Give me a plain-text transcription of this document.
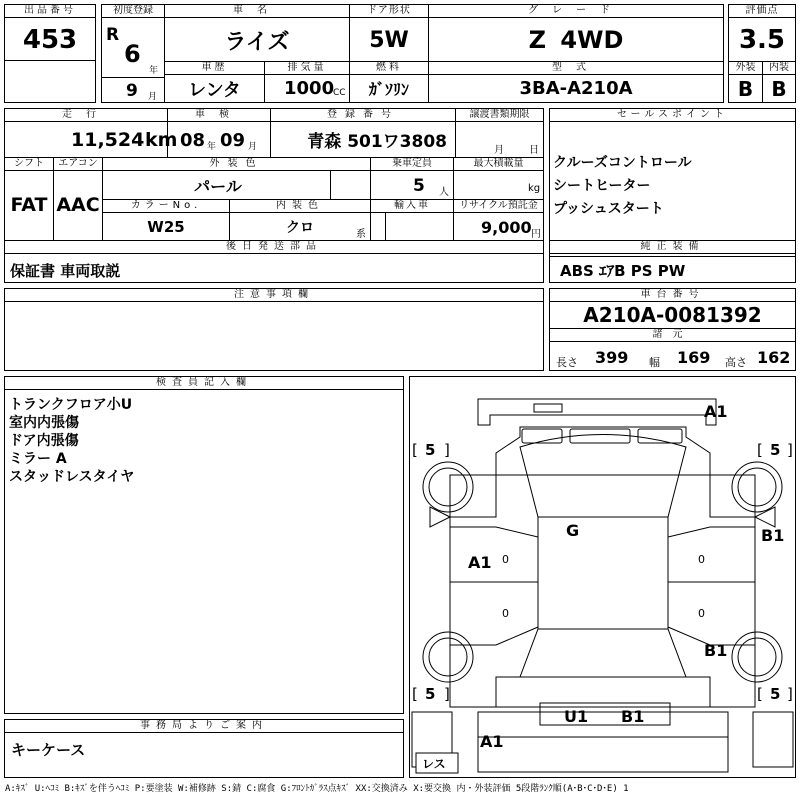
出品番号
453
初度登録
R
6
年
9 月
車名
ライズ
車歴
レンタ
排気量
1000
CC
ドア形状
5W
燃料
ｶﾞｿﾘﾝ
グレード
Z 4WD
型式
3BA-A210A
評価点
3.5
外装
B
内装
B
走行
11,524 km
車検
08 年 09 月
登録番号
青森 501ワ3808
譲渡書類期限
月	日
セールスポイント
クルーズコントロール
シートヒーター
プッシュスタート
シフト
FAT
エアコン
AAC
外装色
パール
乗車定員
5 人
最大積載量
kg
カラーNo.
W25
内装色
クロ	系
輸入車	リサイクル預託金
9,000 円
後日発送部品
保証書 車両取説
純正装備
ABS ｴｱB PS PW
注意事項欄	車台番号
A210A-0081392
諸元
長さ 399 幅 169 高さ 162
検査員記入欄
トランクフロア小U
室内内張傷
ドア内張傷
ミラー A
スタッドレスタイヤ
事務局よりご案内
キーケース
A1
G
A1
B1
B1
U1 B1
A1
[ 5 ]	[ 5 ]
[ 5 ]	[ 5 ]
0
0
0
0
レス
A:ｷｽﾞ U:ﾍｺﾐ B:ｷｽﾞを伴うﾍｺﾐ P:要塗装 W:補修跡 S:錆 C:腐食 G:ﾌﾛﾝﾄｶﾞﾗｽ点ｷｽﾞ XX:交換済み X:要交換 内・外装評価 5段階ﾗﾝｸ順(A･B･C･D･E) 1
